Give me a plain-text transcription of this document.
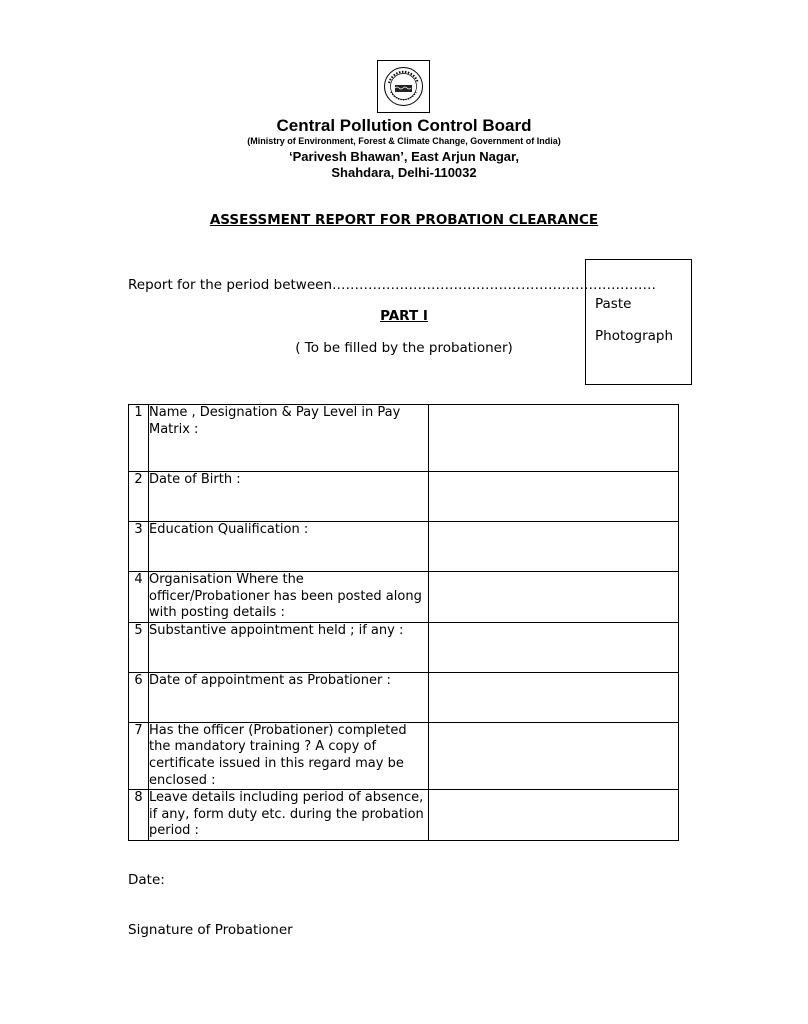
Central Pollution Control Board
(Ministry of Environment, Forest & Climate Change, Government of India)
‘Parivesh Bhawan’, East Arjun Nagar,
Shahdara, Delhi-110032
ASSESSMENT REPORT FOR PROBATION CLEARANCE
Report for the period between………………………………………………………………
Paste
Photograph
PART I
( To be filled by the probationer)
1	Name , Designation & Pay Level in Pay Matrix :	
2	Date of Birth :	
3	Education Qualification :	
4	Organisation Where the officer/Probationer has been posted along with posting details :	
5	Substantive appointment held ; if any :	
6	Date of appointment as Probationer :	
7	Has the officer (Probationer) completed the mandatory training ? A copy of certificate issued in this regard may be enclosed :	
8	Leave details including period of absence, if any, form duty etc. during the probation period :	
Date:
Signature of Probationer
